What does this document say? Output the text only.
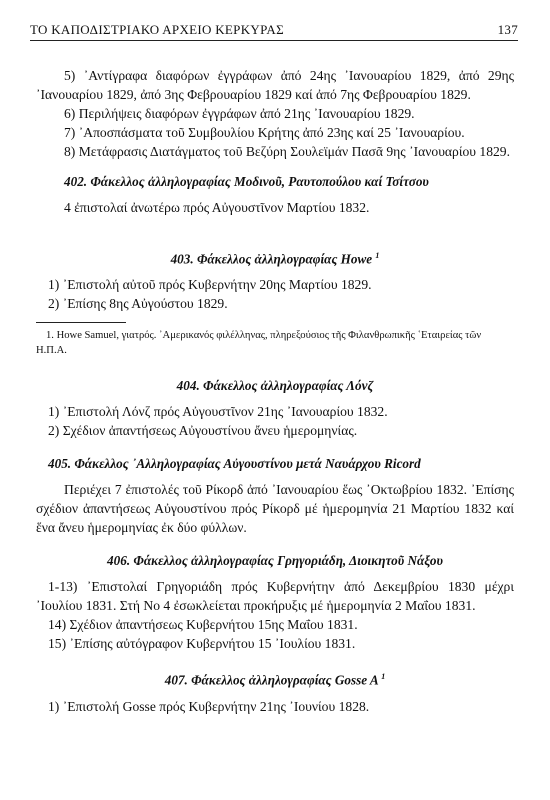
ΤΟ ΚΑΠΟΔΙΣΤΡΙΑΚΟ ΑΡΧΕΙΟ ΚΕΡΚΥΡΑΣ	137

5) ᾿Αντίγραφα διαφόρων ἐγγράφων ἀπό 24ης ᾿Ιανουαρίου 1829, ἀπό 29ης ᾿Ιανουαρίου 1829, ἀπό 3ης Φεβρουαρίου 1829 καί ἀπό 7ης Φεβρουαρίου 1829.

6) Περιλήψεις διαφόρων ἐγγράφων ἀπό 21ης ᾿Ιανουαρίου 1829.

7) ᾿Αποσπάσματα τοῦ Συμβουλίου Κρήτης ἀπό 23ης καί 25 ᾿Ιανουαρίου.

8) Μετάφρασις Διατάγματος τοῦ Βεζύρη Σουλεϊμάν Πασᾶ 9ης ᾿Ιανουαρίου 1829.

402. Φάκελλος ἀλληλογραφίας Μοδινοῦ, Ραυτοπούλου καί Τσίτσου

4 ἐπιστολαί ἀνωτέρω πρός Αὐγουστῖνον Μαρτίου 1832.

403. Φάκελλος ἀλληλογραφίας Howe $^1$

1) ᾿Επιστολή αὐτοῦ πρός Κυβερνήτην 20ης Μαρτίου 1829.

2) ᾿Επίσης 8ης Αὐγούστου 1829.

1. Howe Samuel, γιατρός. ᾿Αμερικανός φιλέλληνας, πληρεξούσιος τῆς Φιλανθρωπικῆς ῾Εταιρείας τῶν Η.Π.Α.

404. Φάκελλος ἀλληλογραφίας Λόνζ

1) ᾿Επιστολή Λόνζ πρός Αὐγουστῖνον 21ης ᾿Ιανουαρίου 1832.

2) Σχέδιον ἀπαντήσεως Αὐγουστίνου ἄνευ ἡμερομηνίας.

405. Φάκελλος ᾿Αλληλογραφίας Αὐγουστίνου μετά Ναυάρχου Ricord

Περιέχει 7 ἐπιστολές τοῦ Ρίκορδ ἀπό ᾿Ιανουαρίου ἕως ᾿Οκτωβρίου 1832. ᾿Επίσης σχέδιον ἀπαντήσεως Αὐγουστίνου πρός Ρίκορδ μέ ἡμερομηνία 21 Μαρτίου 1832 καί ἕνα ἄνευ ἡμερομηνίας ἐκ δύο φύλλων.

406. Φάκελλος ἀλληλογραφίας Γρηγοριάδη, Διοικητοῦ Νάξου

1-13) ᾿Επιστολαί Γρηγοριάδη πρός Κυβερνήτην ἀπό Δεκεμβρίου 1830 μέχρι ᾿Ιουλίου 1831. Στή Νο 4 ἐσωκλείεται προκήρυξις μέ ἡμερομηνία 2 Μαΐου 1831.

14) Σχέδιον ἀπαντήσεως Κυβερνήτου 15ης Μαΐου 1831.

15) ᾿Επίσης αὐτόγραφον Κυβερνήτου 15 ᾿Ιουλίου 1831.

407. Φάκελλος ἀλληλογραφίας Gosse A $^1$

1) ᾿Επιστολή Gosse πρός Κυβερνήτην 21ης ᾿Ιουνίου 1828.
